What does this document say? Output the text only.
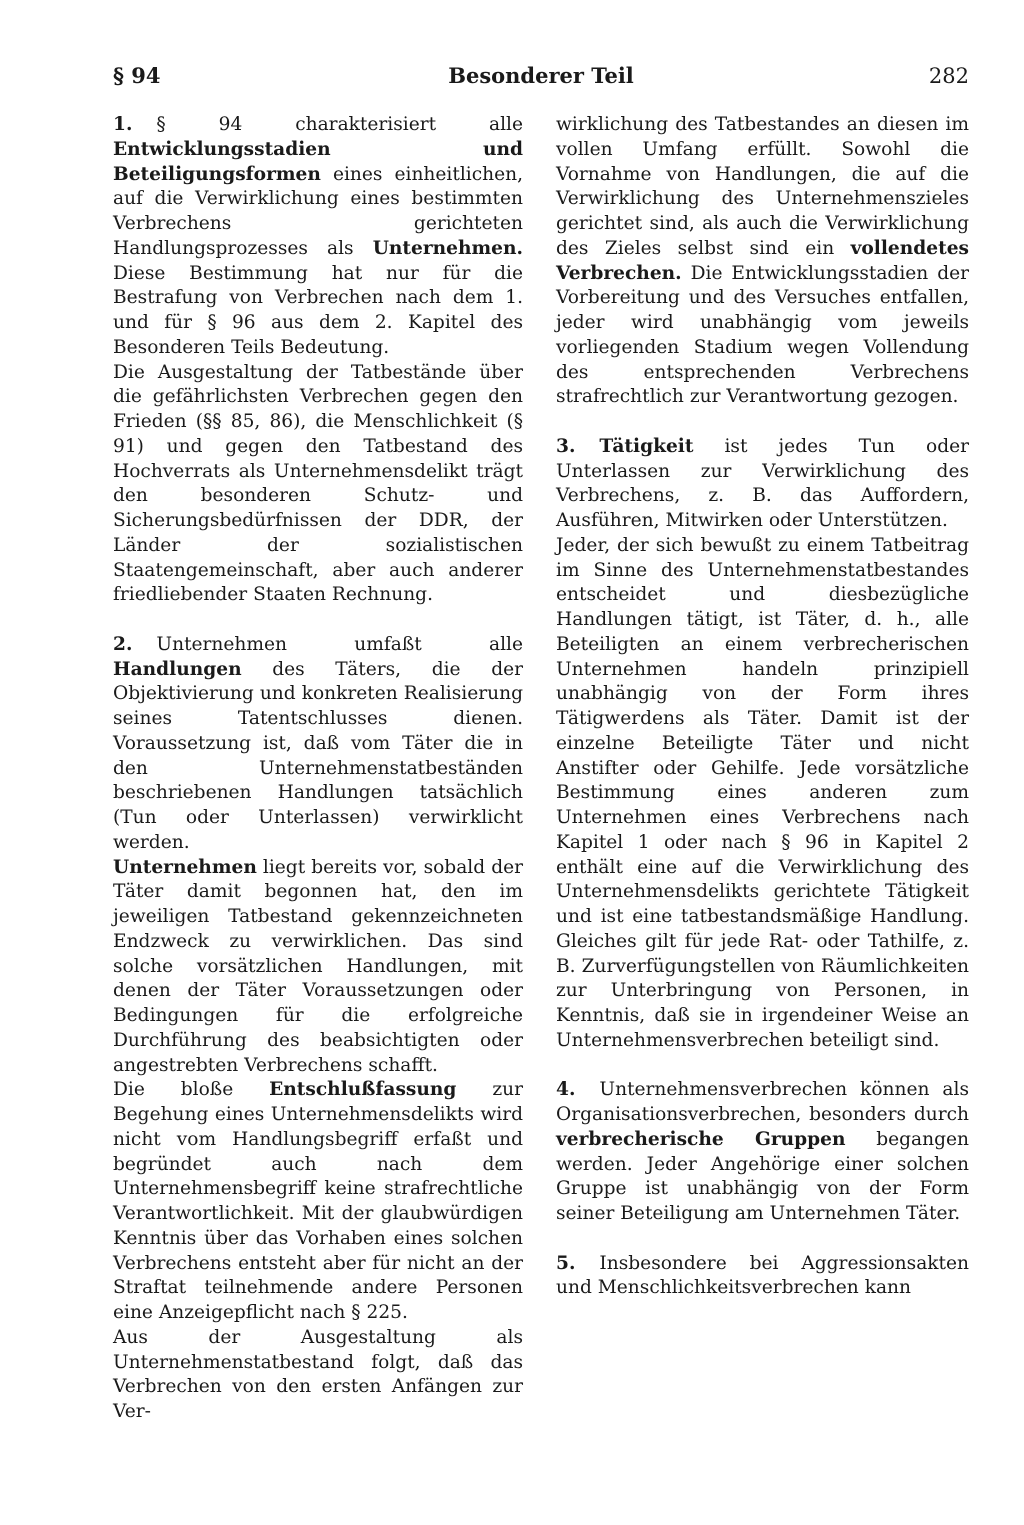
§ 94	Besonderer Teil	282

1. § 94 charakterisiert alle Entwicklungsstadien und Beteiligungsformen eines einheitlichen, auf die Verwirklichung eines bestimmten Verbrechens gerichteten Handlungsprozesses als Unternehmen. Diese Bestimmung hat nur für die Bestrafung von Verbrechen nach dem 1. und für § 96 aus dem 2. Kapitel des Besonderen Teils Bedeutung.

Die Ausgestaltung der Tatbestände über die gefährlichsten Verbrechen gegen den Frieden (§§ 85, 86), die Menschlichkeit (§ 91) und gegen den Tatbestand des Hochverrats als Unternehmensdelikt trägt den besonderen Schutz- und Sicherungsbedürfnissen der DDR, der Länder der sozialistischen Staatengemeinschaft, aber auch anderer friedliebender Staaten Rechnung.

2. Unternehmen umfaßt alle Handlungen des Täters, die der Objektivierung und konkreten Realisierung seines Tatentschlusses dienen. Voraussetzung ist, daß vom Täter die in den Unternehmenstatbeständen beschriebenen Handlungen tatsächlich (Tun oder Unterlassen) verwirklicht werden.

Unternehmen liegt bereits vor, sobald der Täter damit begonnen hat, den im jeweiligen Tatbestand gekennzeichneten Endzweck zu verwirklichen. Das sind solche vorsätzlichen Handlungen, mit denen der Täter Voraussetzungen oder Bedingungen für die erfolgreiche Durchführung des beabsichtigten oder angestrebten Verbrechens schafft.

Die bloße Entschlußfassung zur Begehung eines Unternehmensdelikts wird nicht vom Handlungsbegriff erfaßt und begründet auch nach dem Unternehmensbegriff keine strafrechtliche Verantwortlichkeit. Mit der glaubwürdigen Kenntnis über das Vorhaben eines solchen Verbrechens entsteht aber für nicht an der Straftat teilnehmende andere Personen eine Anzeigepflicht nach § 225.

Aus der Ausgestaltung als Unternehmenstatbestand folgt, daß das Verbrechen von den ersten Anfängen zur Ver-

wirklichung des Tatbestandes an diesen im vollen Umfang erfüllt. Sowohl die Vornahme von Handlungen, die auf die Verwirklichung des Unternehmenszieles gerichtet sind, als auch die Verwirklichung des Zieles selbst sind ein vollendetes Verbrechen. Die Entwicklungsstadien der Vorbereitung und des Versuches entfallen, jeder wird unabhängig vom jeweils vorliegenden Stadium wegen Vollendung des entsprechenden Verbrechens strafrechtlich zur Verantwortung gezogen.

3. Tätigkeit ist jedes Tun oder Unterlassen zur Verwirklichung des Verbrechens, z. B. das Auffordern, Ausführen, Mitwirken oder Unterstützen.

Jeder, der sich bewußt zu einem Tatbeitrag im Sinne des Unternehmenstatbestandes entscheidet und diesbezügliche Handlungen tätigt, ist Täter, d. h., alle Beteiligten an einem verbrecherischen Unternehmen handeln prinzipiell unabhängig von der Form ihres Tätigwerdens als Täter. Damit ist der einzelne Beteiligte Täter und nicht Anstifter oder Gehilfe. Jede vorsätzliche Bestimmung eines anderen zum Unternehmen eines Verbrechens nach Kapitel 1 oder nach § 96 in Kapitel 2 enthält eine auf die Verwirklichung des Unternehmensdelikts gerichtete Tätigkeit und ist eine tatbestandsmäßige Handlung. Gleiches gilt für jede Rat- oder Tathilfe, z. B. Zurverfügungstellen von Räumlichkeiten zur Unterbringung von Personen, in Kenntnis, daß sie in irgendeiner Weise an Unternehmensverbrechen beteiligt sind.

4. Unternehmensverbrechen können als Organisationsverbrechen, besonders durch verbrecherische Gruppen begangen werden. Jeder Angehörige einer solchen Gruppe ist unabhängig von der Form seiner Beteiligung am Unternehmen Täter.

5. Insbesondere bei Aggressionsakten und Menschlichkeitsverbrechen kann
